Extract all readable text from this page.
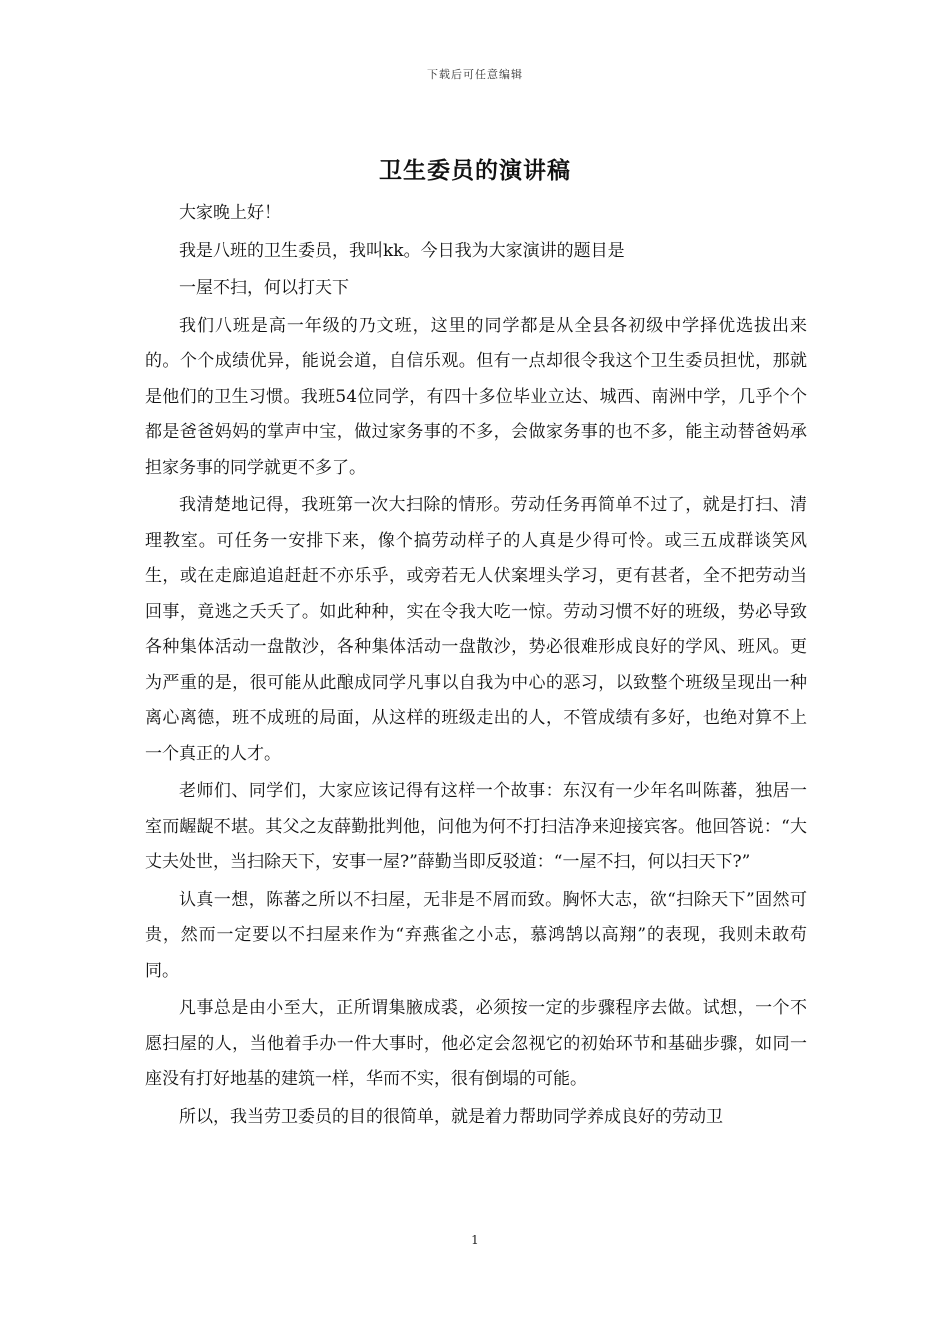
下载后可任意编辑
卫生委员的演讲稿

大家晚上好！

我是八班的卫生委员，我叫kk。今日我为大家演讲的题目是

一屋不扫，何以打天下

我们八班是高一年级的乃文班，这里的同学都是从全县各初级中学择优选拔出来的。个个成绩优异，能说会道，自信乐观。但有一点却很令我这个卫生委员担忧，那就是他们的卫生习惯。我班54位同学，有四十多位毕业立达、城西、南洲中学，几乎个个都是爸爸妈妈的掌声中宝，做过家务事的不多，会做家务事的也不多，能主动替爸妈承担家务事的同学就更不多了。

我清楚地记得，我班第一次大扫除的情形。劳动任务再简单不过了，就是打扫、清理教室。可任务一安排下来，像个搞劳动样子的人真是少得可怜。或三五成群谈笑风生，或在走廊追追赶赶不亦乐乎，或旁若无人伏案埋头学习，更有甚者，全不把劳动当回事，竟逃之夭夭了。如此种种，实在令我大吃一惊。劳动习惯不好的班级，势必导致各种集体活动一盘散沙，各种集体活动一盘散沙，势必很难形成良好的学风、班风。更为严重的是，很可能从此酿成同学凡事以自我为中心的恶习，以致整个班级呈现出一种离心离德，班不成班的局面，从这样的班级走出的人，不管成绩有多好，也绝对算不上一个真正的人才。

老师们、同学们，大家应该记得有这样一个故事：东汉有一少年名叫陈蕃，独居一室而龌龊不堪。其父之友薛勤批判他，问他为何不打扫洁净来迎接宾客。他回答说：“大丈夫处世，当扫除天下，安事一屋?”薛勤当即反驳道：“一屋不扫，何以扫天下?”

认真一想，陈蕃之所以不扫屋，无非是不屑而致。胸怀大志，欲“扫除天下”固然可贵，然而一定要以不扫屋来作为“弃燕雀之小志，慕鸿鹄以高翔”的表现，我则未敢苟同。

凡事总是由小至大，正所谓集腋成裘，必须按一定的步骤程序去做。试想，一个不愿扫屋的人，当他着手办一件大事时，他必定会忽视它的初始环节和基础步骤，如同一座没有打好地基的建筑一样，华而不实，很有倒塌的可能。

所以，我当劳卫委员的目的很简单，就是着力帮助同学养成良好的劳动卫

1
